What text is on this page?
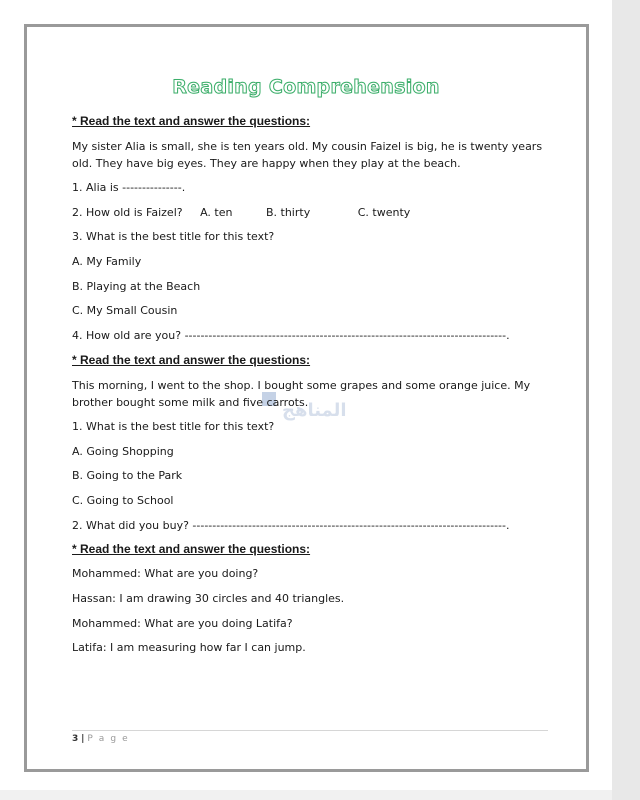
Reading Comprehension
ﺍﻟﻤﻨﺎﻫﺞ
* Read the text and answer the questions:
My sister Alia is small, she is ten years old. My cousin Faizel is big, he is twenty years old. They have big eyes. They are happy when they play at the beach.
1. Alia is ---------------.
2. How old is Faizel? A. ten	B. thirty	C. twenty
3. What is the best title for this text?
A. My Family
B. Playing at the Beach
C. My Small Cousin
4. How old are you? ---------------------------------------------------------------------------------.
* Read the text and answer the questions:
This morning, I went to the shop. I bought some grapes and some orange juice. My brother bought some milk and five carrots.
1. What is the best title for this text?
A. Going Shopping
B. Going to the Park
C. Going to School
2. What did you buy? -------------------------------------------------------------------------------.
* Read the text and answer the questions:
Mohammed: What are you doing?
Hassan: I am drawing 30 circles and 40 triangles.
Mohammed: What are you doing Latifa?
Latifa: I am measuring how far I can jump.
3 | P a g e
